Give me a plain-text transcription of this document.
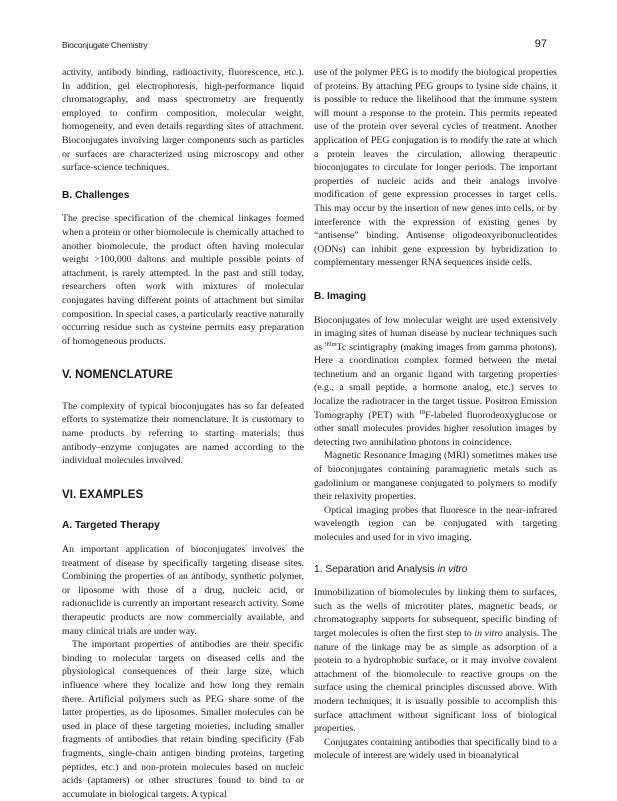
Bioconjugate Chemistry	97

activity, antibody binding, radioactivity, fluorescence, etc.). In addition, gel electrophoresis, high-performance liquid chromatography, and mass spectrometry are frequently employed to confirm composition, molecular weight, homogeneity, and even details regarding sites of attachment. Bioconjugates involving larger components such as particles or surfaces are characterized using microscopy and other surface-science techniques.

B. Challenges

The precise specification of the chemical linkages formed when a protein or other biomolecule is chemically attached to another biomolecule, the product often having molecular weight >100,000 daltons and multiple possible points of attachment, is rarely attempted. In the past and still today, researchers often work with mixtures of molecular conjugates having different points of attachment but similar composition. In special cases, a particularly reactive naturally occurring residue such as cysteine permits easy preparation of homogeneous products.

V. NOMENCLATURE

The complexity of typical bioconjugates has so far defeated efforts to systematize their nomenclature. It is customary to name products by referring to starting materials; thus antibody–enzyme conjugates are named according to the individual molecules involved.

VI. EXAMPLES
A. Targeted Therapy

An important application of bioconjugates involves the treatment of disease by specifically targeting disease sites. Combining the properties of an antibody, synthetic polymer, or liposome with those of a drug, nucleic acid, or radionuclide is currently an important research activity. Some therapeutic products are now commercially available, and many clinical trials are under way.

The important properties of antibodies are their specific binding to molecular targets on diseased cells and the physiological consequences of their large size, which influence where they localize and how long they remain there. Artificial polymers such as PEG share some of the latter properties, as do liposomes. Smaller molecules can be used in place of these targeting moieties, including smaller fragments of antibodies that retain binding specificity (Fab fragments, single-chain antigen binding proteins, targeting peptides, etc.) and non-protein molecules based on nucleic acids (aptamers) or other structures found to bind to or accumulate in biological targets. A typical

use of the polymer PEG is to modify the biological properties of proteins. By attaching PEG groups to lysine side chains, it is possible to reduce the likelihood that the immune system will mount a response to the protein. This permits repeated use of the protein over several cycles of treatment. Another application of PEG conjugation is to modify the rate at which a protein leaves the circulation, allowing therapeutic bioconjugates to circulate for longer periods. The important properties of nucleic acids and their analogs involve modification of gene expression processes in target cells. This may occur by the insertion of new genes into cells, or by interference with the expression of existing genes by “antisense” binding. Antisense oligodeoxyribonucleotides (ODNs) can inhibit gene expression by hybridization to complementary messenger RNA sequences inside cells.

B. Imaging

Bioconjugates of low molecular weight are used extensively in imaging sites of human disease by nuclear techniques such as $^{99m}$Tc scintigraphy (making images from gamma photons). Here a coordination complex formed between the metal technetium and an organic ligand with targeting properties (e.g., a small peptide, a hormone analog, etc.) serves to localize the radiotracer in the target tissue. Positron Emission Tomography (PET) with $^{18}$F-labeled fluorodeoxyglucose or other small molecules provides higher resolution images by detecting two annihilation photons in coincidence.

Magnetic Resonance Imaging (MRI) sometimes makes use of bioconjugates containing paramagnetic metals such as gadolinium or manganese conjugated to polymers to modify their relaxivity properties.

Optical imaging probes that fluoresce in the near-infrared wavelength region can be conjugated with targeting molecules and used for in vivo imaging.

1. Separation and Analysis in vitro

Immobilization of biomolecules by linking them to surfaces, such as the wells of microtiter plates, magnetic beads, or chromatography supports for subsequent, specific binding of target molecules is often the first step to in vitro analysis. The nature of the linkage may be as simple as adsorption of a protein to a hydrophobic surface, or it may involve covalent attachment of the biomolecule to reactive groups on the surface using the chemical principles discussed above. With modern techniques, it is usually possible to accomplish this surface attachment without significant loss of biological properties.

Conjugates containing antibodies that specifically bind to a molecule of interest are widely used in bioanalytical
